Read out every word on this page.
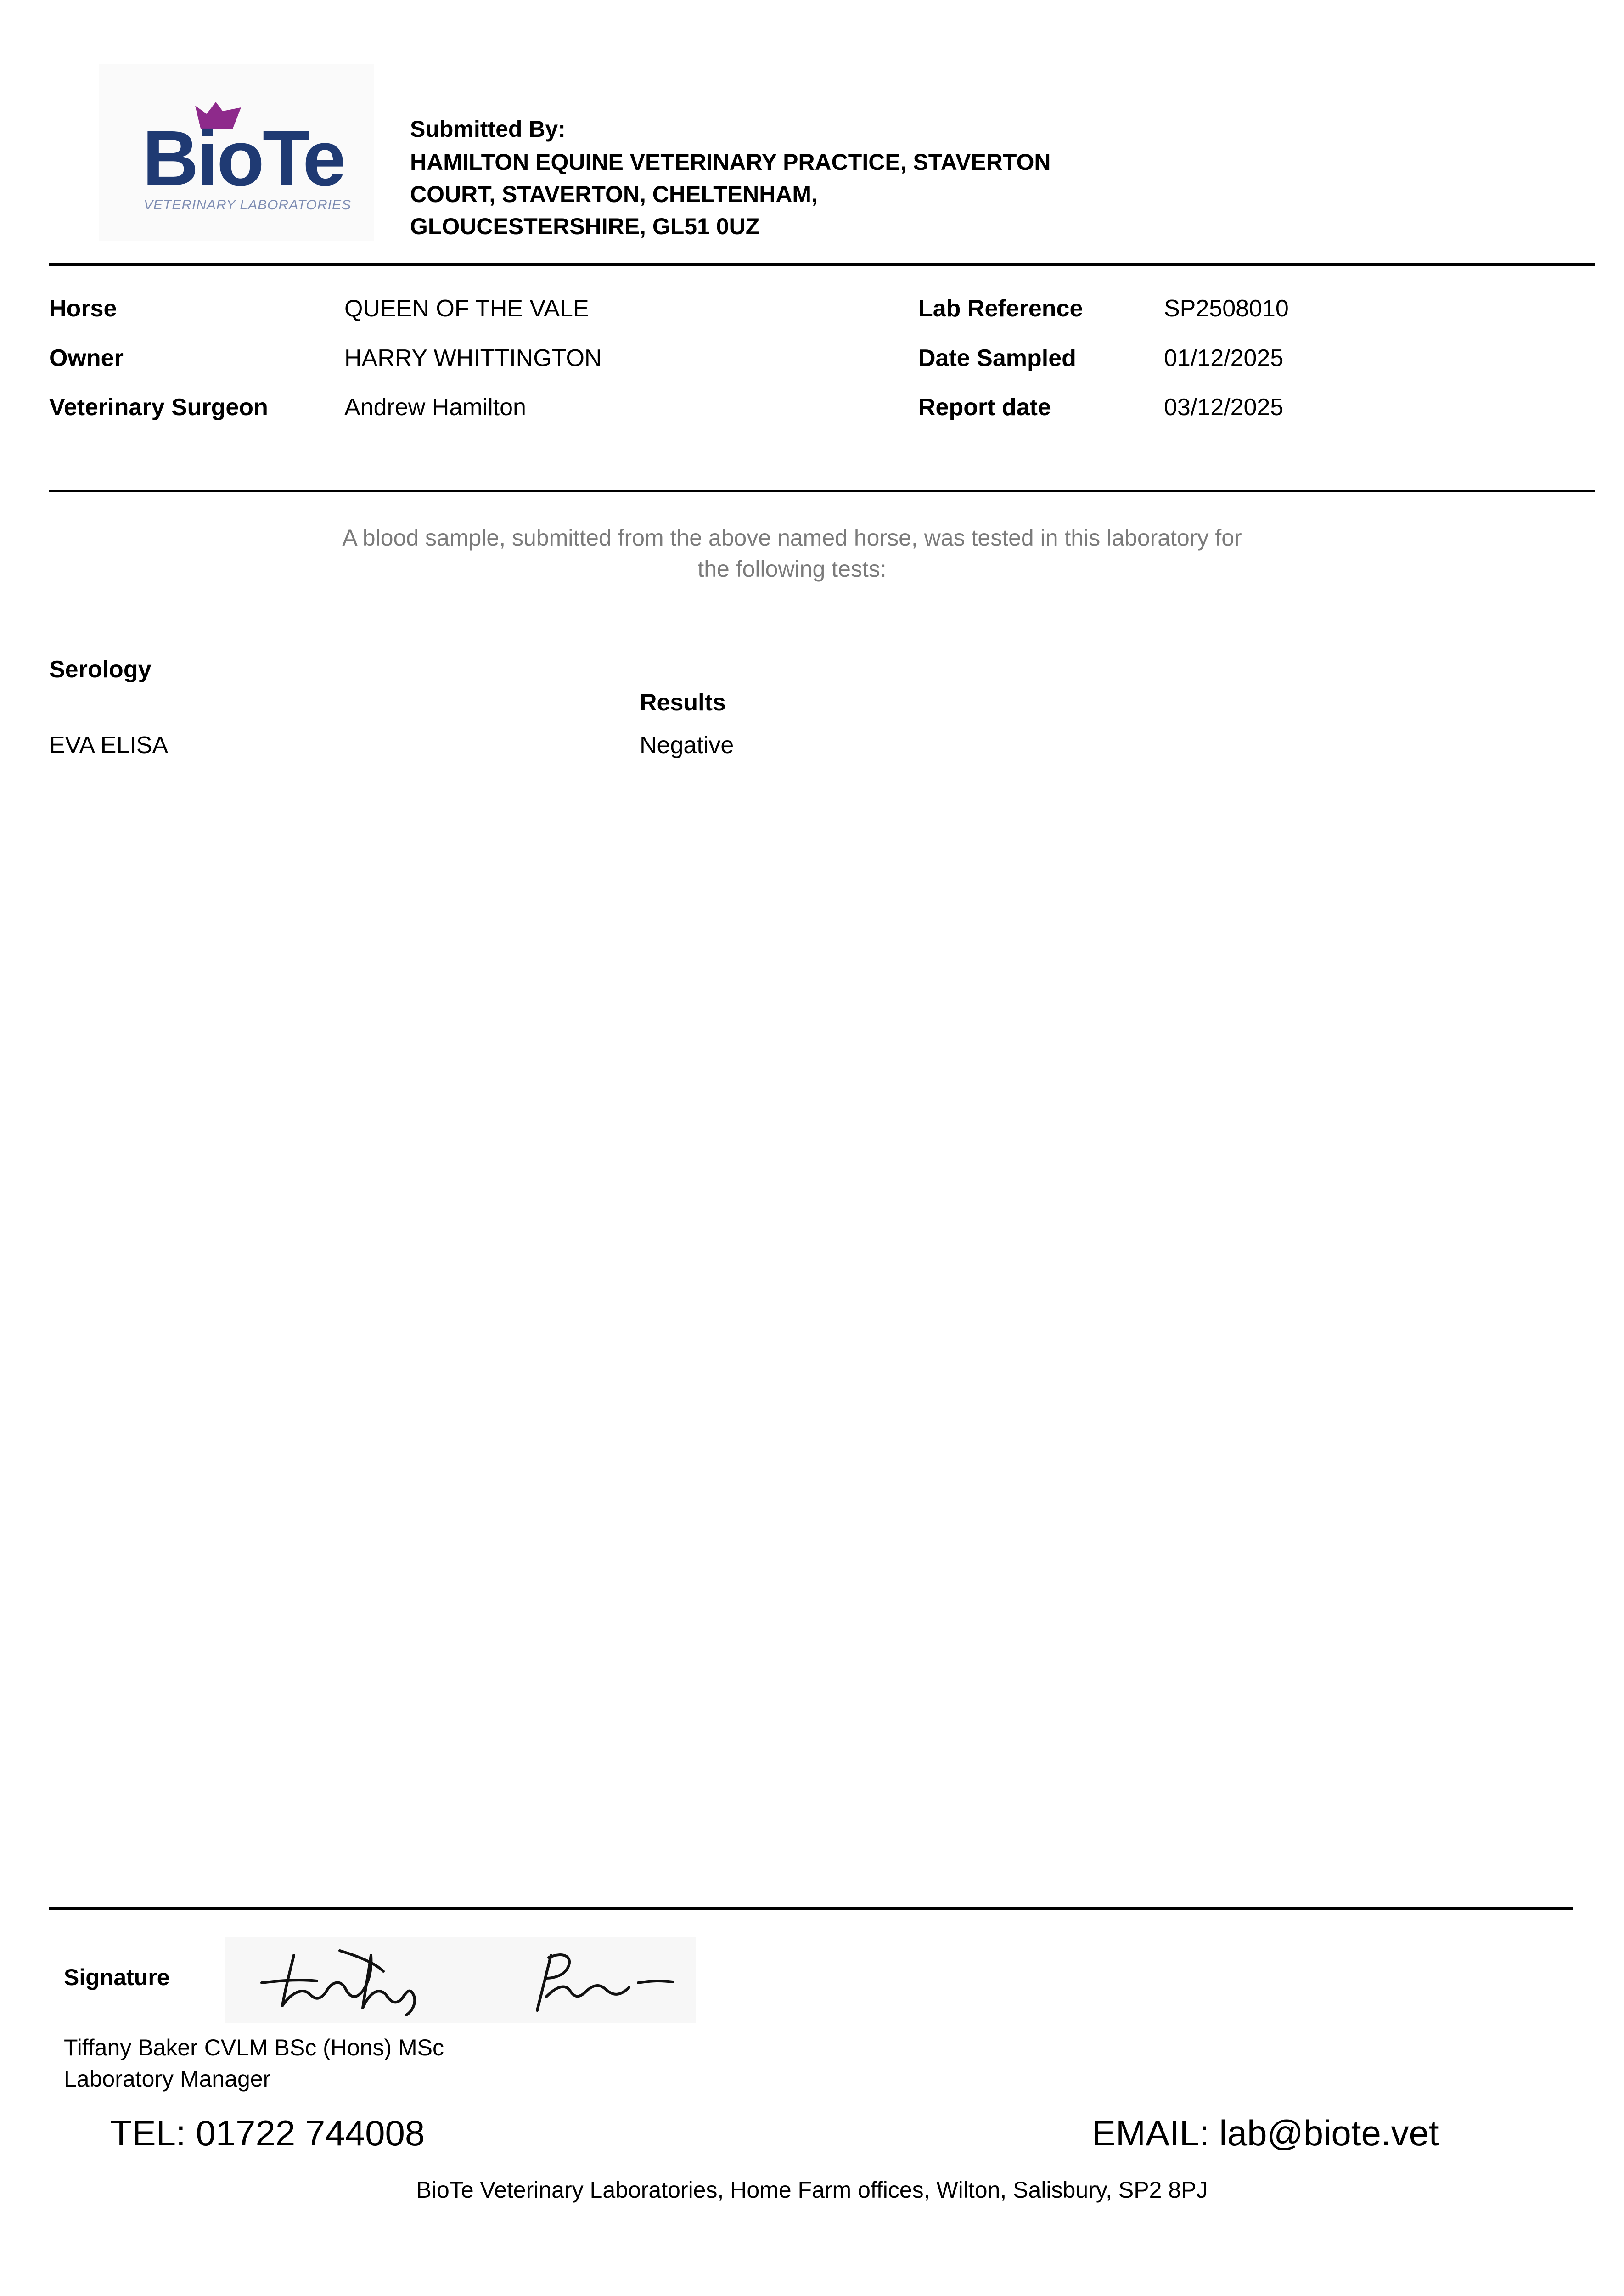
BioTe
VETERINARY LABORATORIES
Submitted By:
HAMILTON EQUINE VETERINARY PRACTICE, STAVERTON
COURT, STAVERTON, CHELTENHAM,
GLOUCESTERSHIRE, GL51 0UZ
Horse	QUEEN OF THE VALE	Lab Reference	SP2508010
Owner	HARRY WHITTINGTON	Date Sampled	01/12/2025
Veterinary Surgeon	Andrew Hamilton	Report date	03/12/2025
A blood sample, submitted from the above named horse, was tested in this laboratory for
the following tests:
Serology
Results
EVA ELISA	Negative
Signature
Tiffany Baker CVLM BSc (Hons) MSc
Laboratory Manager
TEL: 01722 744008	EMAIL: lab@biote.vet
BioTe Veterinary Laboratories, Home Farm offices, Wilton, Salisbury, SP2 8PJ
